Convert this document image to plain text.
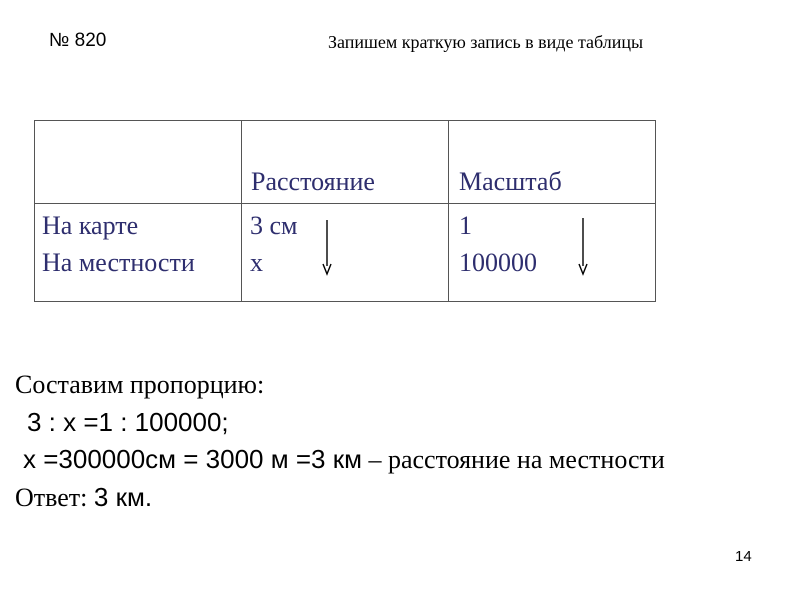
№ 820	Запишем краткую запись в виде таблицы
Расстояние	Масштаб
На карте
На местности
3 см
х
1
100000
Составим пропорцию:
3 : х =1 : 100000;
х =300000см = 3000 м =3 км – расстояние на местности
Ответ: 3 км.
14
